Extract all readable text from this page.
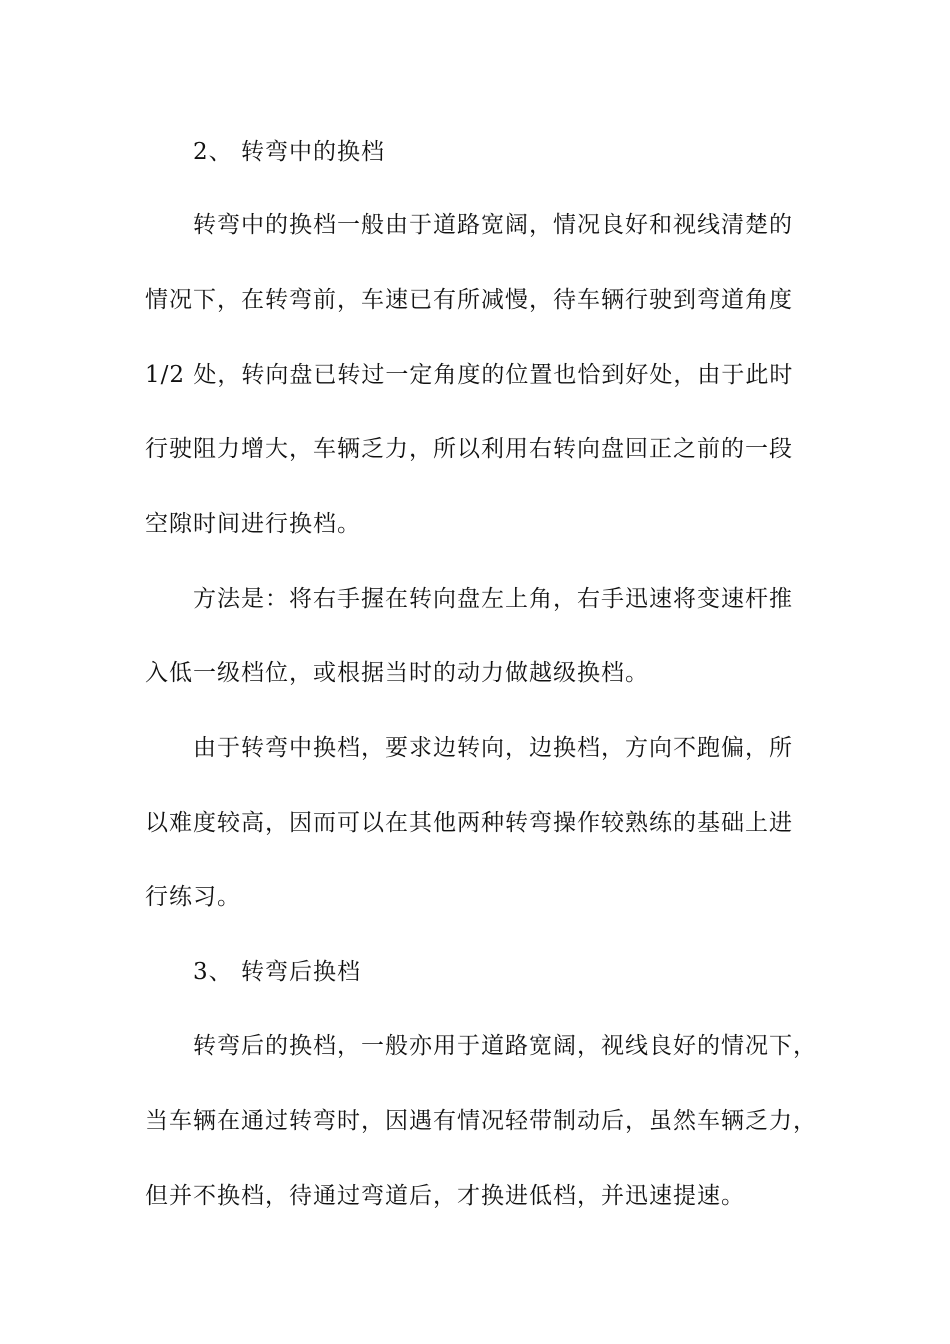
2、 转弯中的换档
转弯中的换档一般由于道路宽阔，情况良好和视线清楚的
情况下，在转弯前，车速已有所减慢，待车辆行驶到弯道角度
1/2 处，转向盘已转过一定角度的位置也恰到好处，由于此时
行驶阻力增大，车辆乏力，所以利用右转向盘回正之前的一段
空隙时间进行换档。
方法是：将右手握在转向盘左上角，右手迅速将变速杆推
入低一级档位，或根据当时的动力做越级换档。
由于转弯中换档，要求边转向，边换档，方向不跑偏，所
以难度较高，因而可以在其他两种转弯操作较熟练的基础上进
行练习。
3、 转弯后换档
转弯后的换档，一般亦用于道路宽阔，视线良好的情况下，
当车辆在通过转弯时，因遇有情况轻带制动后，虽然车辆乏力，
但并不换档，待通过弯道后，才换进低档，并迅速提速。
